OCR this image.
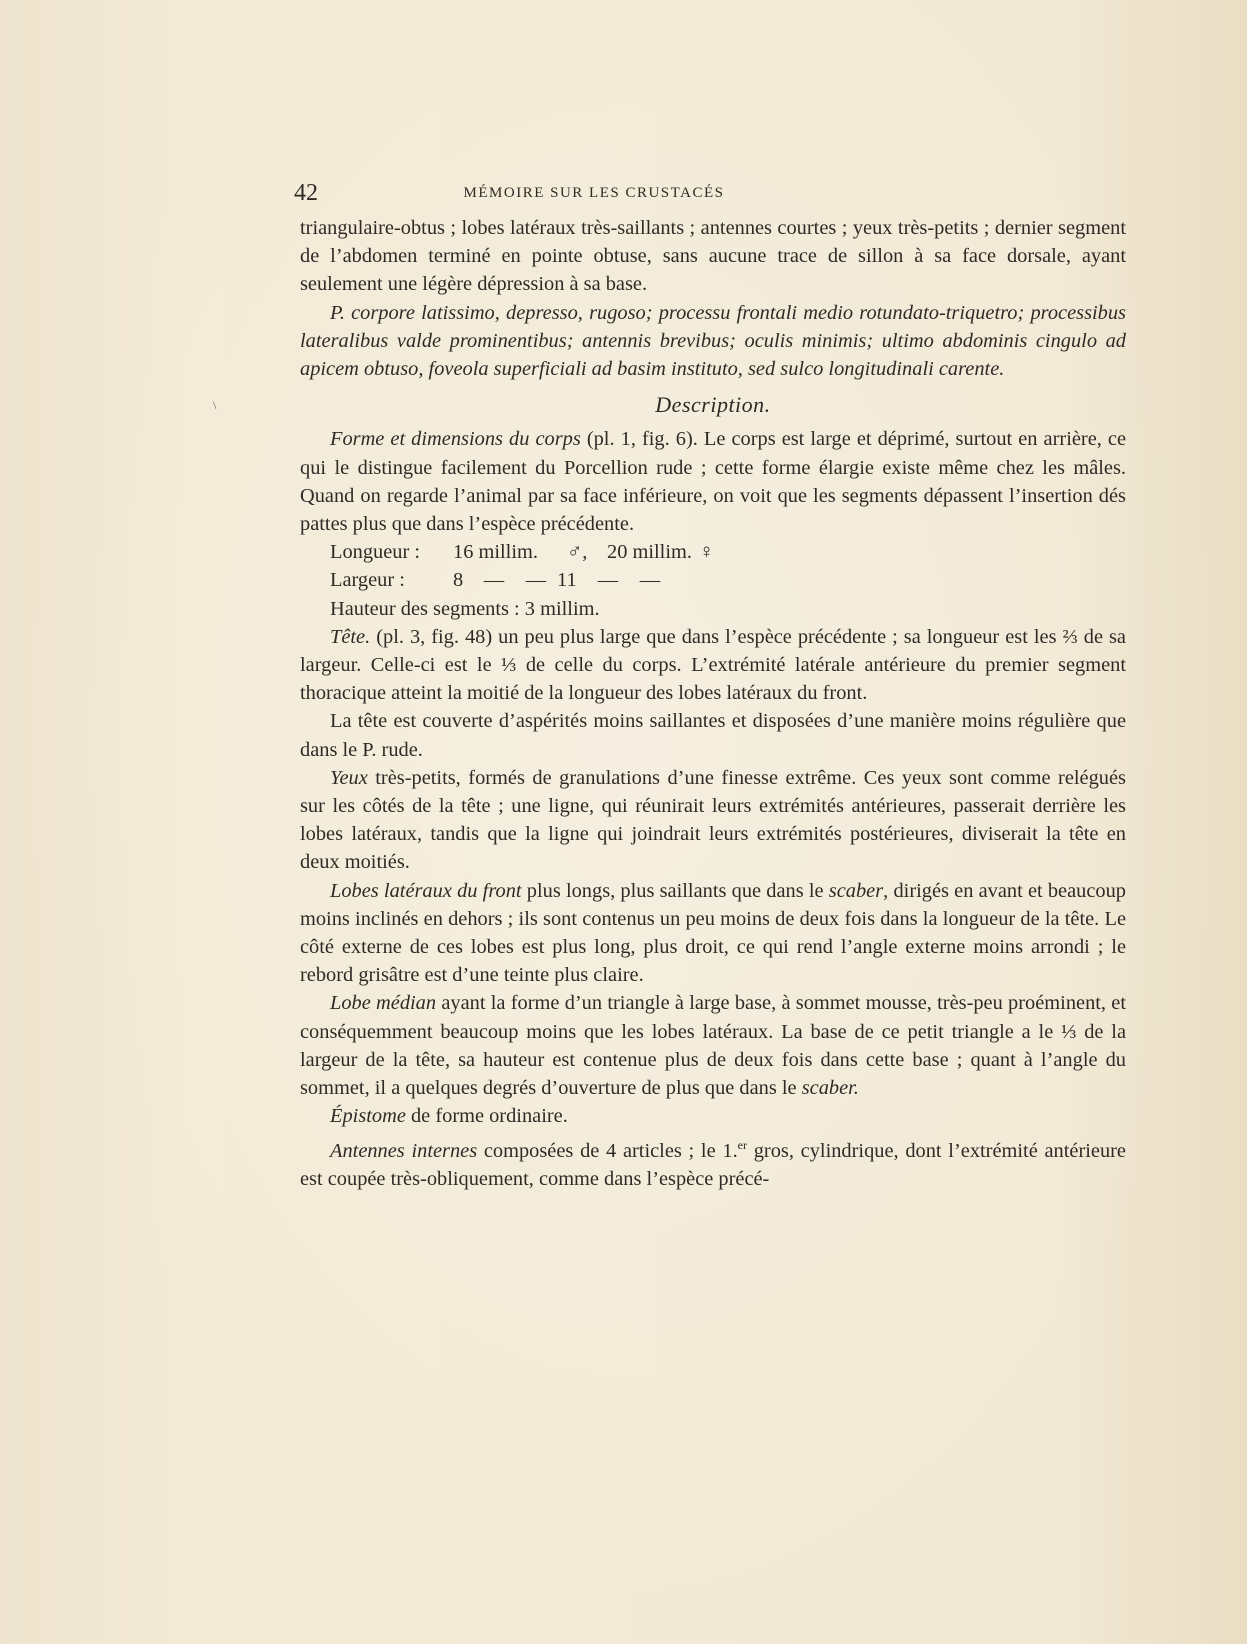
42	MÉMOIRE SUR LES CRUSTACÉS
\

triangulaire-obtus ; lobes latéraux très-saillants ; antennes courtes ; yeux très-petits ; dernier segment de l’abdomen terminé en pointe obtuse, sans aucune trace de sillon à sa face dorsale, ayant seulement une légère dépression à sa base.

P. corpore latissimo, depresso, rugoso; processu frontali medio rotundato-triquetro; processibus lateralibus valde prominentibus; antennis brevibus; oculis minimis; ultimo abdominis cingulo ad apicem obtuso, foveola superficiali ad basim instituto, sed sulco longitudinali carente.

Description.

Forme et dimensions du corps (pl. 1, fig. 6). Le corps est large et déprimé, surtout en arrière, ce qui le distingue facilement du Porcellion rude ; cette forme élargie existe même chez les mâles. Quand on regarde l’animal par sa face inférieure, on voit que les segments dépassent l’insertion dés pattes plus que dans l’espèce précédente.

Longueur :	16 millim.	♂, 20 millim. ♀
Largeur :	8	—	— 11	—	—

Hauteur des segments : 3 millim.

Tête. (pl. 3, fig. 48) un peu plus large que dans l’espèce précédente ; sa longueur est les ⅔ de sa largeur. Celle-ci est le ⅓ de celle du corps. L’extrémité latérale antérieure du premier segment thoracique atteint la moitié de la longueur des lobes latéraux du front.

La tête est couverte d’aspérités moins saillantes et disposées d’une manière moins régulière que dans le P. rude.

Yeux très-petits, formés de granulations d’une finesse extrême. Ces yeux sont comme relégués sur les côtés de la tête ; une ligne, qui réunirait leurs extrémités antérieures, passerait derrière les lobes latéraux, tandis que la ligne qui joindrait leurs extrémités postérieures, diviserait la tête en deux moitiés.

Lobes latéraux du front plus longs, plus saillants que dans le scaber, dirigés en avant et beaucoup moins inclinés en dehors ; ils sont contenus un peu moins de deux fois dans la longueur de la tête. Le côté externe de ces lobes est plus long, plus droit, ce qui rend l’angle externe moins arrondi ; le rebord grisâtre est d’une teinte plus claire.

Lobe médian ayant la forme d’un triangle à large base, à sommet mousse, très-peu proéminent, et conséquemment beaucoup moins que les lobes latéraux. La base de ce petit triangle a le ⅓ de la largeur de la tête, sa hauteur est contenue plus de deux fois dans cette base ; quant à l’angle du sommet, il a quelques degrés d’ouverture de plus que dans le scaber.

Épistome de forme ordinaire.

Antennes internes composées de 4 articles ; le 1.$^{er}$ gros, cylindrique, dont l’extrémité antérieure est coupée très-obliquement, comme dans l’espèce précé-
